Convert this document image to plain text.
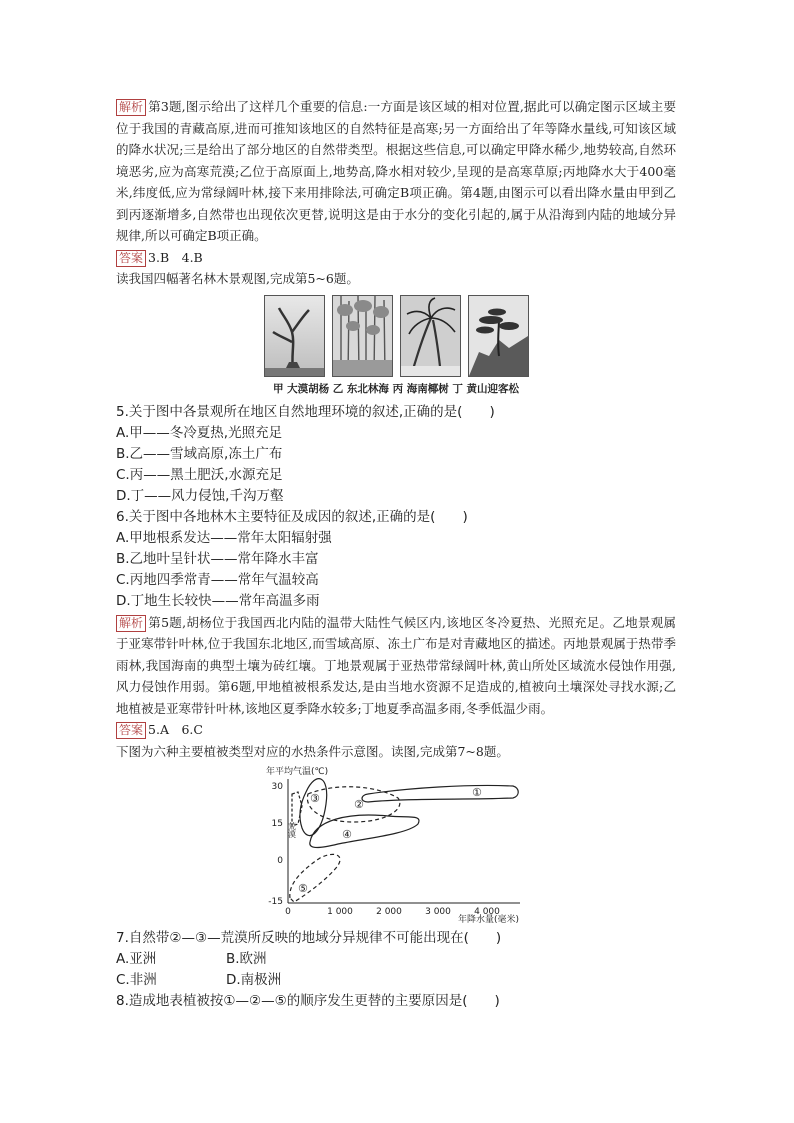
解析 第3题,图示给出了这样几个重要的信息:一方面是该区域的相对位置,据此可以确定图示区域主要位于我国的青藏高原,进而可推知该地区的自然特征是高寒;另一方面给出了年等降水量线,可知该区域的降水状况;三是给出了部分地区的自然带类型。根据这些信息,可以确定甲降水稀少,地势较高,自然环境恶劣,应为高寒荒漠;乙位于高原面上,地势高,降水相对较少,呈现的是高寒草原;丙地降水大于400毫米,纬度低,应为常绿阔叶林,接下来用排除法,可确定B项正确。第4题,由图示可以看出降水量由甲到乙到丙逐渐增多,自然带也出现依次更替,说明这是由于水分的变化引起的,属于从沿海到内陆的地域分异规律,所以可确定B项正确。

答案 3.B　4.B

读我国四幅著名林木景观图,完成第5~6题。

甲 大漠胡杨 乙 东北林海 丙 海南椰树 丁 黄山迎客松

5.关于图中各景观所在地区自然地理环境的叙述,正确的是(　　)

A.甲——冬冷夏热,光照充足

B.乙——雪域高原,冻土广布

C.丙——黑土肥沃,水源充足

D.丁——风力侵蚀,千沟万壑

6.关于图中各地林木主要特征及成因的叙述,正确的是(　　)

A.甲地根系发达——常年太阳辐射强

B.乙地叶呈针状——常年降水丰富

C.丙地四季常青——常年气温较高

D.丁地生长较快——常年高温多雨

解析 第5题,胡杨位于我国西北内陆的温带大陆性气候区内,该地区冬冷夏热、光照充足。乙地景观属于亚寒带针叶林,位于我国东北地区,而雪域高原、冻土广布是对青藏地区的描述。丙地景观属于热带季雨林,我国海南的典型土壤为砖红壤。丁地景观属于亚热带常绿阔叶林,黄山所处区域流水侵蚀作用强,风力侵蚀作用弱。第6题,甲地植被根系发达,是由当地水资源不足造成的,植被向土壤深处寻找水源;乙地植被是亚寒带针叶林,该地区夏季降水较多;丁地夏季高温多雨,冬季低温少雨。

答案 5.A　6.C

下图为六种主要植被类型对应的水热条件示意图。读图,完成第7~8题。

年平均气温(℃)
年降水量(毫米)
30
15
0
-15
0	1 000	2 000	3 000	4 000
①
②
③
④
⑤
荒漠

7.自然带②—③—荒漠所反映的地域分异规律不可能出现在(　　)

A.亚洲	B.欧洲

C.非洲	D.南极洲

8.造成地表植被按①—②—⑤的顺序发生更替的主要原因是(　　)
